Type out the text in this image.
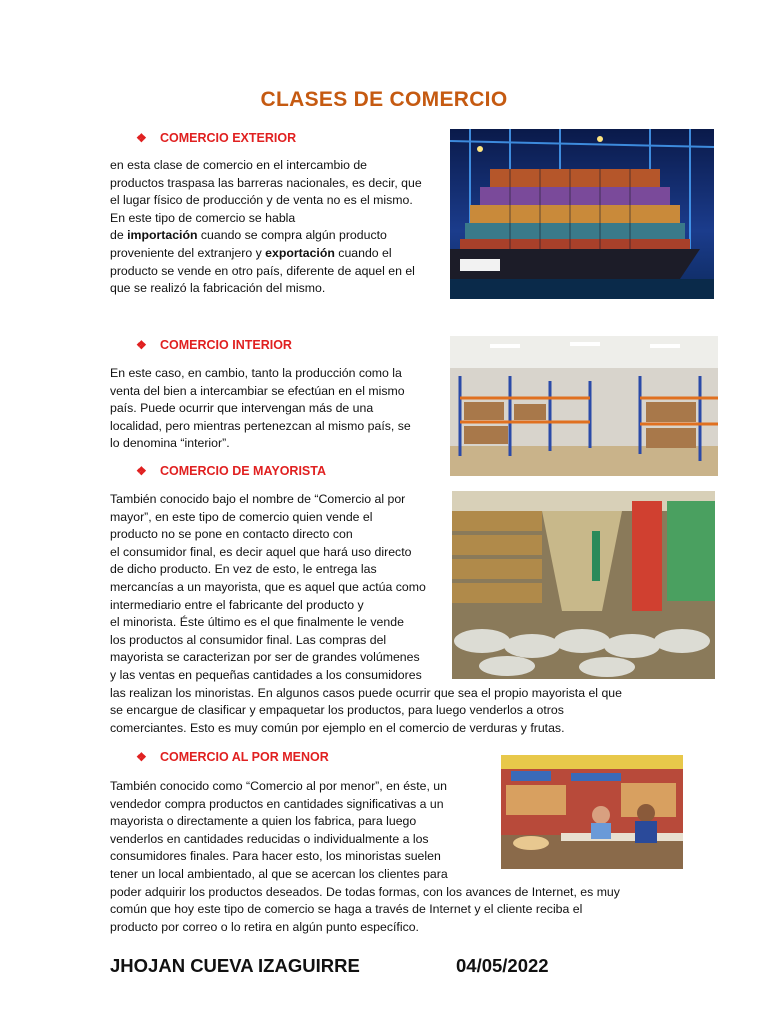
CLASES DE COMERCIO
❖	COMERCIO EXTERIOR
en esta clase de comercio en el intercambio de
productos traspasa las barreras nacionales, es decir, que
el lugar físico de producción y de venta no es el mismo.
En este tipo de comercio se habla
de importación cuando se compra algún producto
proveniente del extranjero y exportación cuando el
producto se vende en otro país, diferente de aquel en el
que se realizó la fabricación del mismo.
❖	COMERCIO INTERIOR
En este caso, en cambio, tanto la producción como la
venta del bien a intercambiar se efectúan en el mismo
país. Puede ocurrir que intervengan más de una
localidad, pero mientras pertenezcan al mismo país, se
lo denomina “interior”.
❖	COMERCIO DE MAYORISTA
También conocido bajo el nombre de “Comercio al por
mayor”, en este tipo de comercio quien vende el
producto no se pone en contacto directo con
el consumidor final, es decir aquel que hará uso directo
de dicho producto. En vez de esto, le entrega las
mercancías a un mayorista, que es aquel que actúa como
intermediario entre el fabricante del producto y
el minorista. Éste último es el que finalmente le vende
los productos al consumidor final. Las compras del
mayorista se caracterizan por ser de grandes volúmenes
y las ventas en pequeñas cantidades a los consumidores
las realizan los minoristas. En algunos casos puede ocurrir que sea el propio mayorista el que
se encargue de clasificar y empaquetar los productos, para luego venderlos a otros
comerciantes. Esto es muy común por ejemplo en el comercio de verduras y frutas.
❖	COMERCIO AL POR MENOR
También conocido como “Comercio al por menor”, en éste, un
vendedor compra productos en cantidades significativas a un
mayorista o directamente a quien los fabrica, para luego
venderlos en cantidades reducidas o individualmente a los
consumidores finales. Para hacer esto, los minoristas suelen
tener un local ambientado, al que se acercan los clientes para
poder adquirir los productos deseados. De todas formas, con los avances de Internet, es muy
común que hoy este tipo de comercio se haga a través de Internet y el cliente reciba el
producto por correo o lo retira en algún punto específico.
JHOJAN CUEVA IZAGUIRRE	04/05/2022
